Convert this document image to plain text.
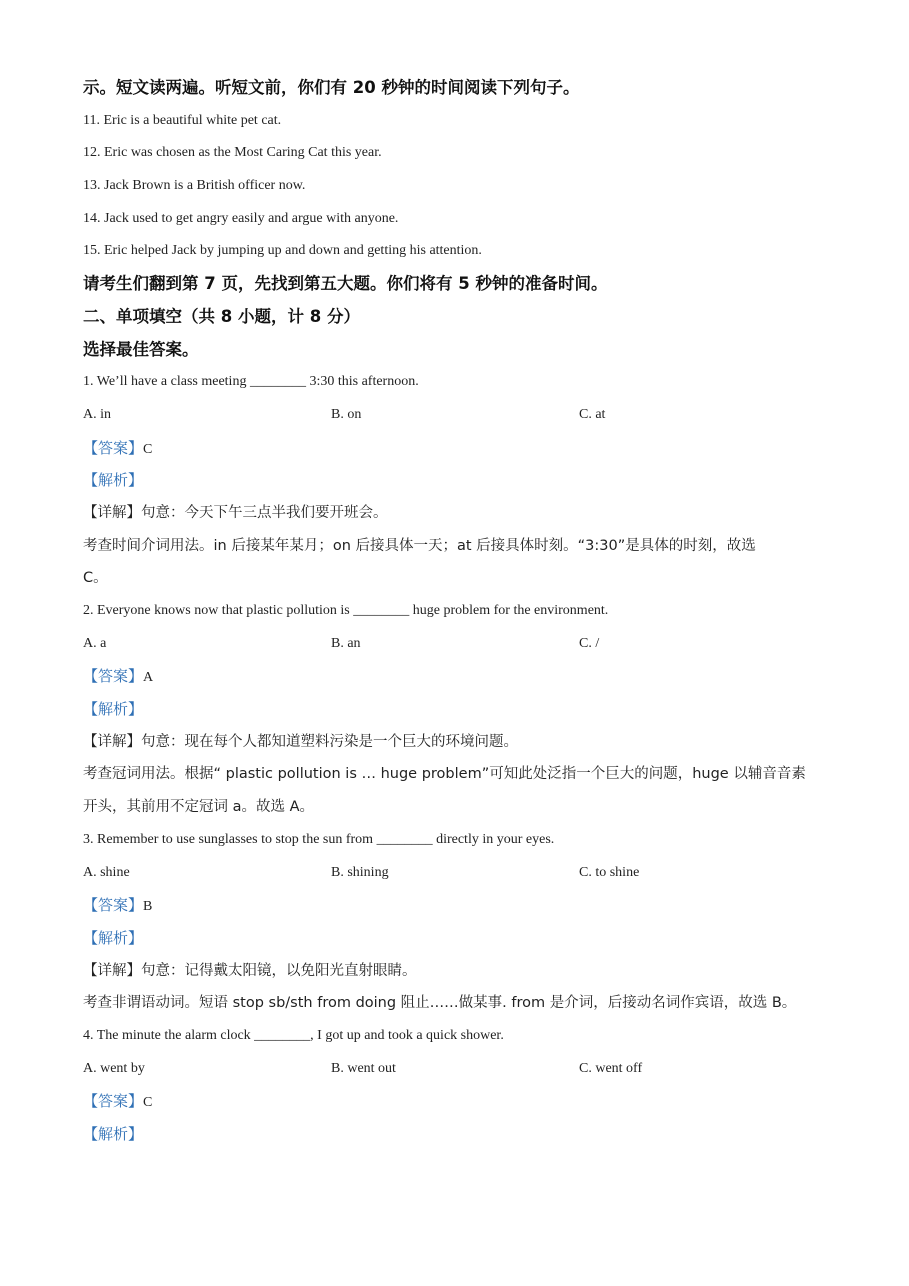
示。短文读两遍。听短文前，你们有 20 秒钟的时间阅读下列句子。
11. Eric is a beautiful white pet cat.
12. Eric was chosen as the Most Caring Cat this year.
13. Jack Brown is a British officer now.
14. Jack used to get angry easily and argue with anyone.
15. Eric helped Jack by jumping up and down and getting his attention.
请考生们翻到第 7 页，先找到第五大题。你们将有 5 秒钟的准备时间。
二、单项填空（共 8 小题，计 8 分）
选择最佳答案。
1. We’ll have a class meeting ________ 3:30 this afternoon.
A. in	B. on	C. at
【答案】C
【解析】
【详解】句意：今天下午三点半我们要开班会。
考查时间介词用法。in 后接某年某月；on 后接具体一天；at 后接具体时刻。“3:30”是具体的时刻，故选
C。
2. Everyone knows now that plastic pollution is ________ huge problem for the environment.
A. a	B. an	C. /
【答案】A
【解析】
【详解】句意：现在每个人都知道塑料污染是一个巨大的环境问题。
考查冠词用法。根据“ plastic pollution is … huge problem”可知此处泛指一个巨大的问题，huge 以辅音音素
开头，其前用不定冠词 a。故选 A。
3. Remember to use sunglasses to stop the sun from ________ directly in your eyes.
A. shine	B. shining	C. to shine
【答案】B
【解析】
【详解】句意：记得戴太阳镜，以免阳光直射眼睛。
考查非谓语动词。短语 stop sb/sth from doing 阻止……做某事. from 是介词，后接动名词作宾语，故选 B。
4. The minute the alarm clock ________, I got up and took a quick shower.
A. went by	B. went out	C. went off
【答案】C
【解析】
